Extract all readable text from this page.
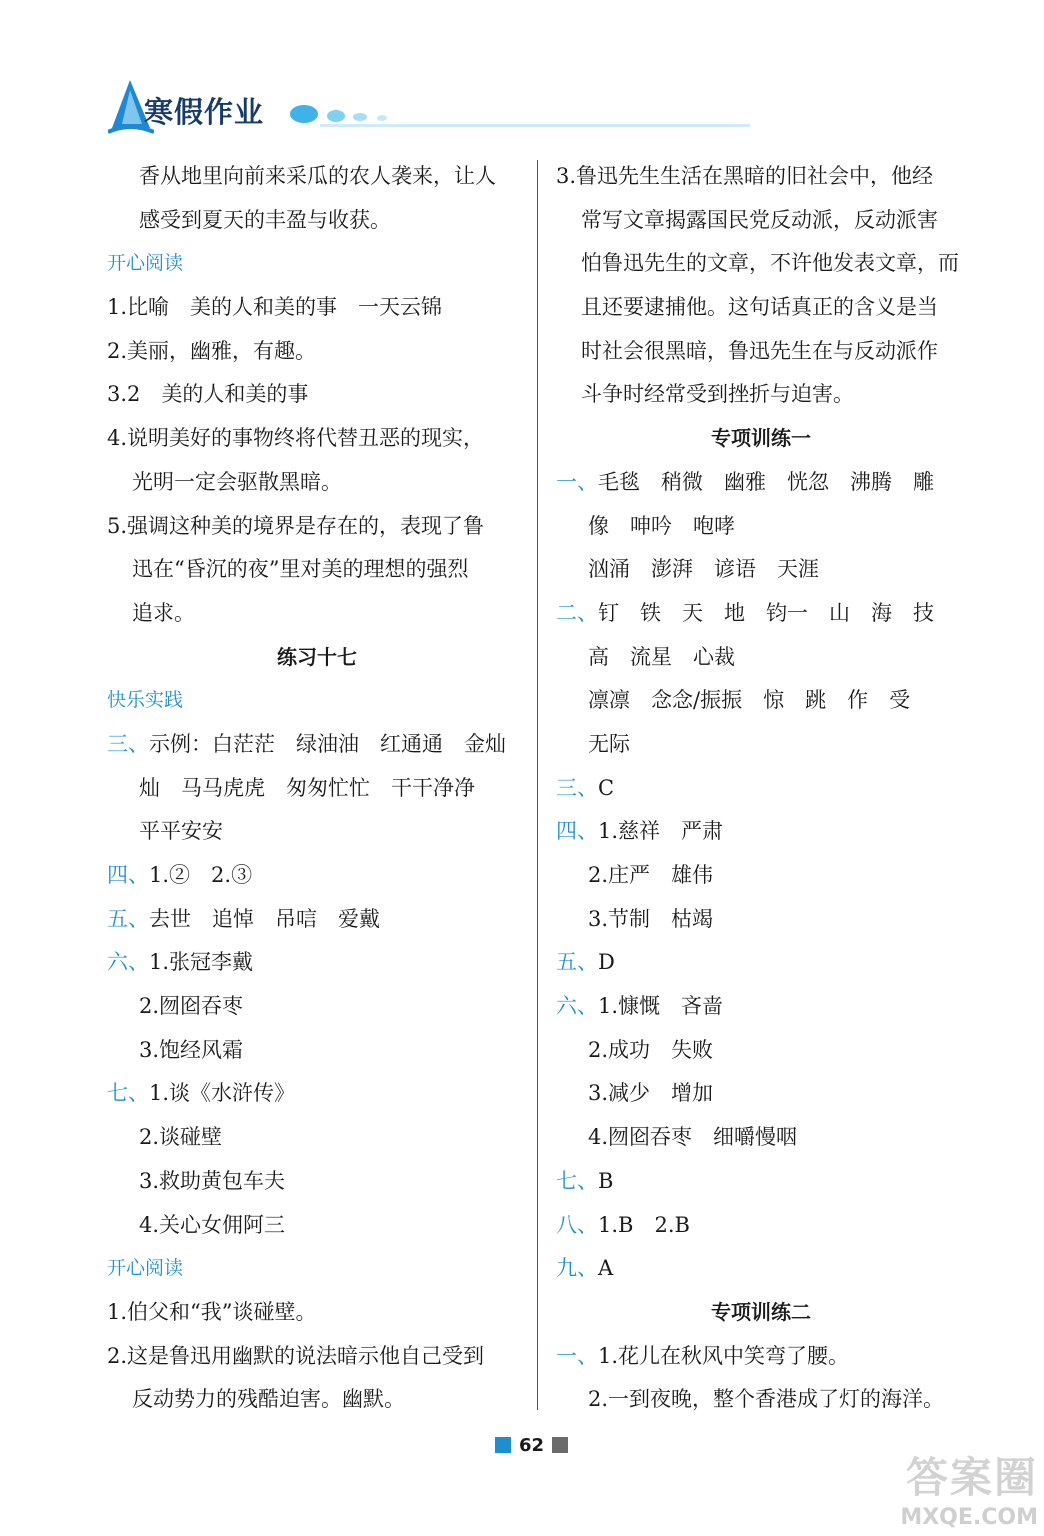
寒假作业
香从地里向前来采瓜的农人袭来，让人
感受到夏天的丰盈与收获。
开心阅读
1.比喻　美的人和美的事　一天云锦
2.美丽，幽雅，有趣。
3.2　美的人和美的事
4.说明美好的事物终将代替丑恶的现实，
光明一定会驱散黑暗。
5.强调这种美的境界是存在的，表现了鲁
迅在“昏沉的夜”里对美的理想的强烈
追求。
练习十七
快乐实践
三、示例：白茫茫　绿油油　红通通　金灿
灿　马马虎虎　匆匆忙忙　干干净净
平平安安
四、1.②　2.③
五、去世　追悼　吊唁　爱戴
六、1.张冠李戴
2.囫囵吞枣
3.饱经风霜
七、1.谈《水浒传》
2.谈碰壁
3.救助黄包车夫
4.关心女佣阿三
开心阅读
1.伯父和“我”谈碰壁。
2.这是鲁迅用幽默的说法暗示他自己受到
反动势力的残酷迫害。幽默。
3.鲁迅先生生活在黑暗的旧社会中，他经
常写文章揭露国民党反动派，反动派害
怕鲁迅先生的文章，不许他发表文章，而
且还要逮捕他。这句话真正的含义是当
时社会很黑暗，鲁迅先生在与反动派作
斗争时经常受到挫折与迫害。
专项训练一
一、毛毯　稍微　幽雅　恍忽　沸腾　雕
像　呻吟　咆哮
汹涌　澎湃　谚语　天涯
二、钉　铁　天　地　钧一　山　海　技
高　流星　心裁
凛凛　念念/振振　惊　跳　作　受
无际
三、C
四、1.慈祥　严肃
2.庄严　雄伟
3.节制　枯竭
五、D
六、1.慷慨　吝啬
2.成功　失败
3.减少　增加
4.囫囵吞枣　细嚼慢咽
七、B
八、1.B　2.B
九、A
专项训练二
一、1.花儿在秋风中笑弯了腰。
2.一到夜晚，整个香港成了灯的海洋。
62
答案圈
MXQE.COM
